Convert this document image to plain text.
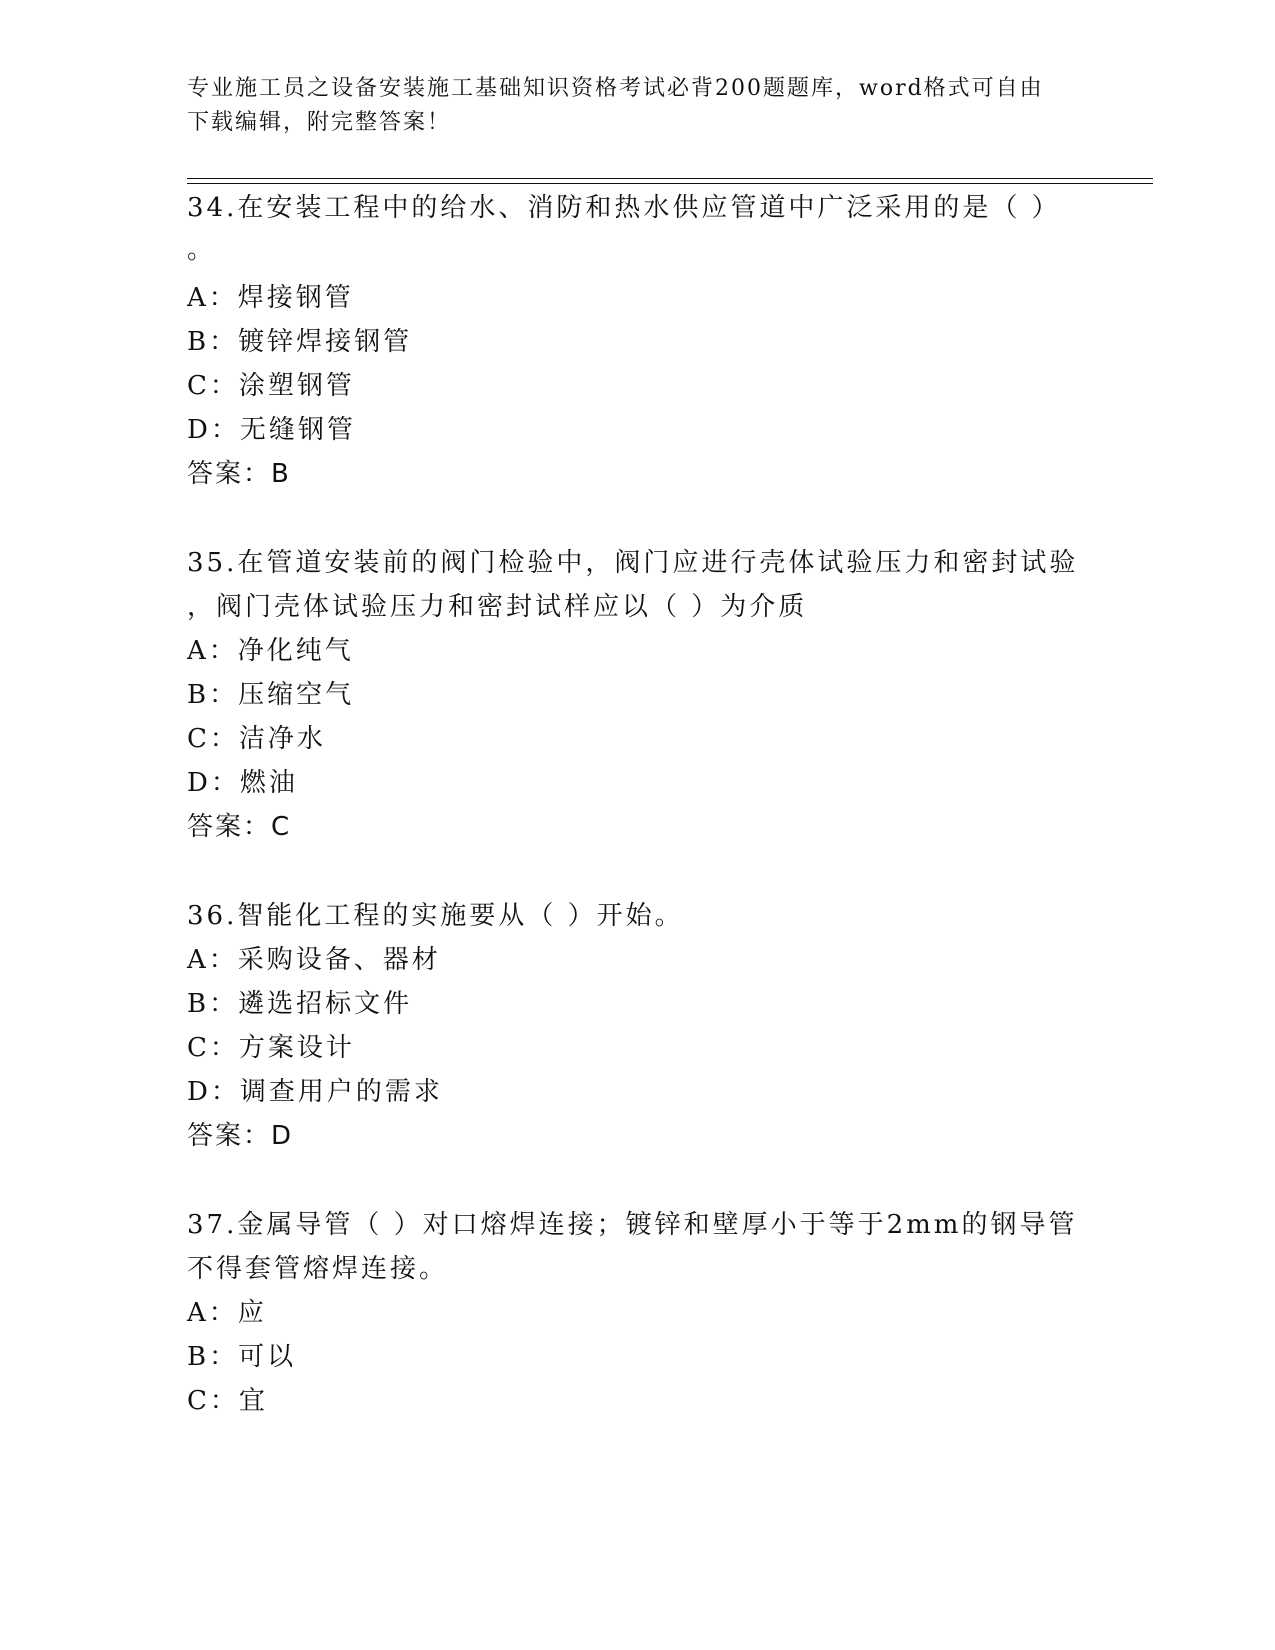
专业施工员之设备安装施工基础知识资格考试必背200题题库，word格式可自由下载编辑，附完整答案！
34.在安装工程中的给水、消防和热水供应管道中广泛采用的是（ ）
。
A：焊接钢管
B：镀锌焊接钢管
C：涂塑钢管
D：无缝钢管
答案：B
35.在管道安装前的阀门检验中，阀门应进行壳体试验压力和密封试验
，阀门壳体试验压力和密封试样应以（ ）为介质
A：净化纯气
B：压缩空气
C：洁净水
D：燃油
答案：C
36.智能化工程的实施要从（ ）开始。
A：采购设备、器材
B：遴选招标文件
C：方案设计
D：调查用户的需求
答案：D
37.金属导管（ ）对口熔焊连接；镀锌和壁厚小于等于2mm的钢导管
不得套管熔焊连接。
A：应
B：可以
C：宜
